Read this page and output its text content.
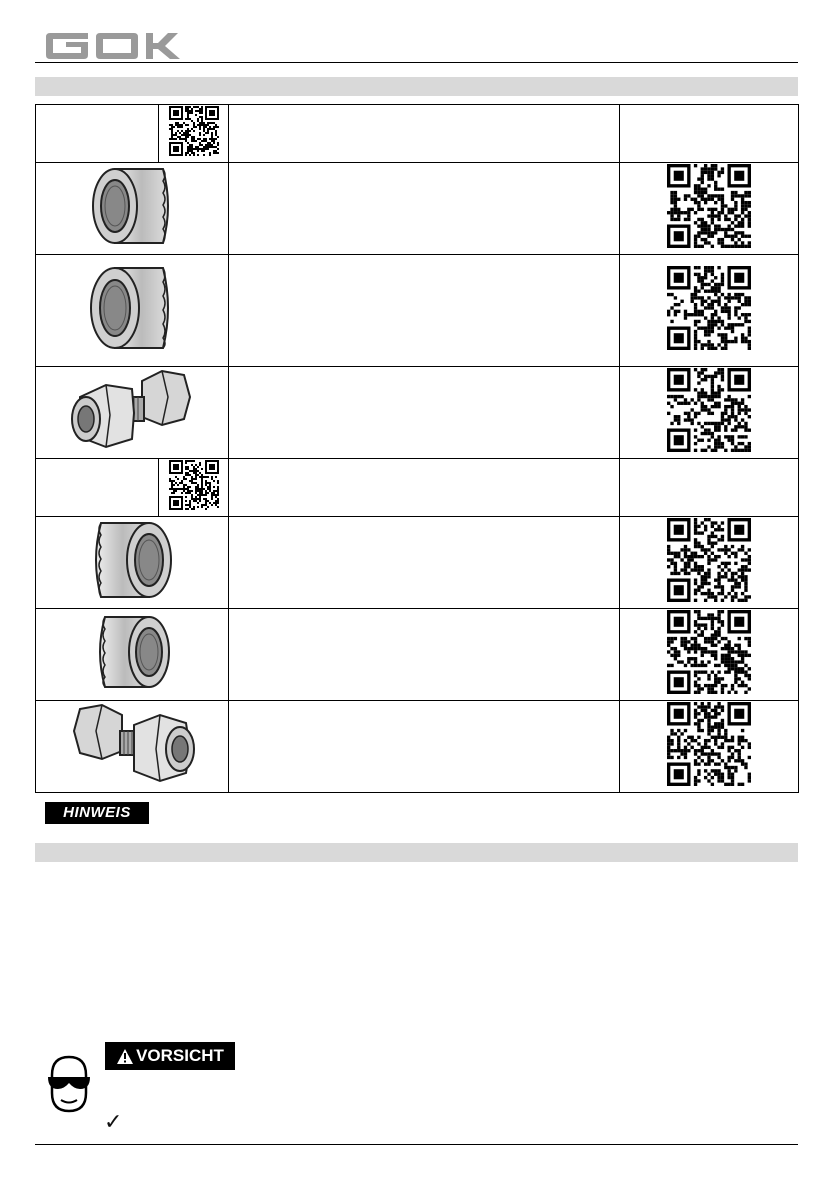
HINWEIS
VORSICHT
✓
